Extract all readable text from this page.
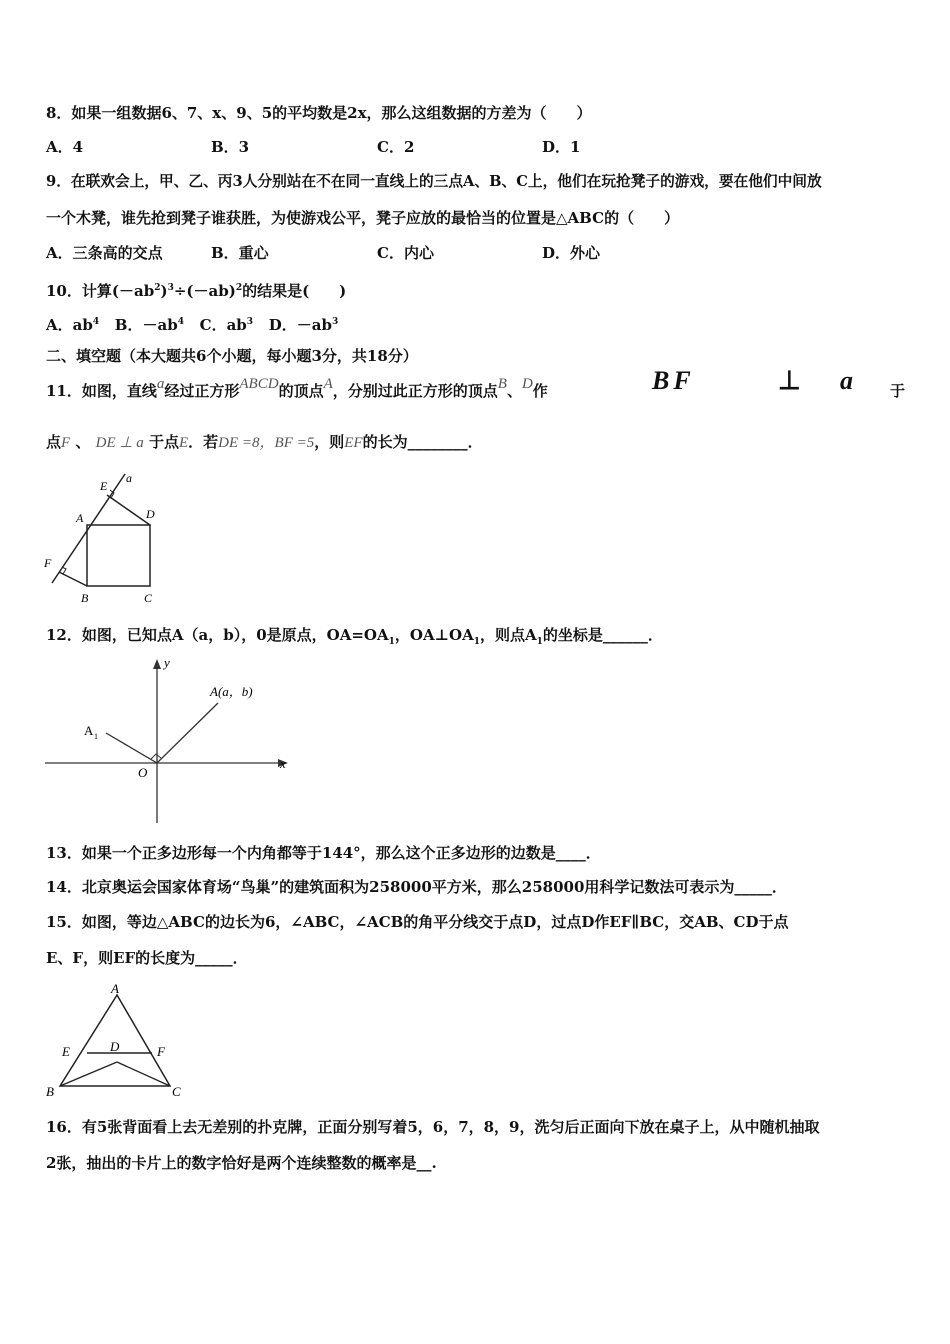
8．如果一组数据6、7、x、9、5的平均数是2x，那么这组数据的方差为（　　）
A．4	B．3	C．2	D．1
9．在联欢会上，甲、乙、丙3人分别站在不在同一直线上的三点A、B、C上，他们在玩抢凳子的游戏，要在他们中间放
一个木凳，谁先抢到凳子谁获胜，为使游戏公平，凳子应放的最恰当的位置是△ABC的（　　）
A．三条高的交点	B．重心	C．内心	D．外心
10．计算$(-ab^2)^3\div(-ab)^2$的结果是(　　)
A．$ab^4$ B．$-ab^4$ C．$ab^3$ D．$-ab^3$
二、填空题（本大题共6个小题，每小题3分，共18分）
11．如图，直线a经过正方形ABCD的顶点A，分别过此正方形的顶点B、D作	BF	⊥ a 于
点F 、 DE ⊥ a 于点E．若DE =8，BF =5，则EF的长为________．
E
a
A	D
F
B	C
12．如图，已知点A（a，b），0是原点，$OA=OA_1$，$OA\perp OA_1$，则点$A_1$的坐标是______．
y
x
O
A(a，b)
A 1
13．如果一个正多边形每一个内角都等于144°，那么这个正多边形的边数是____．
14．北京奥运会国家体育场“鸟巢”的建筑面积为258000平方米，那么258000用科学记数法可表示为_____．
15．如图，等边△ABC的边长为6，∠ABC，∠ACB的角平分线交于点D，过点D作EF∥BC，交AB、CD于点
E、F，则EF的长度为_____．
A
B	C
D
E	F
16．有5张背面看上去无差别的扑克牌，正面分别写着5，6，7，8，9，洗匀后正面向下放在桌子上，从中随机抽取
2张，抽出的卡片上的数字恰好是两个连续整数的概率是__.
